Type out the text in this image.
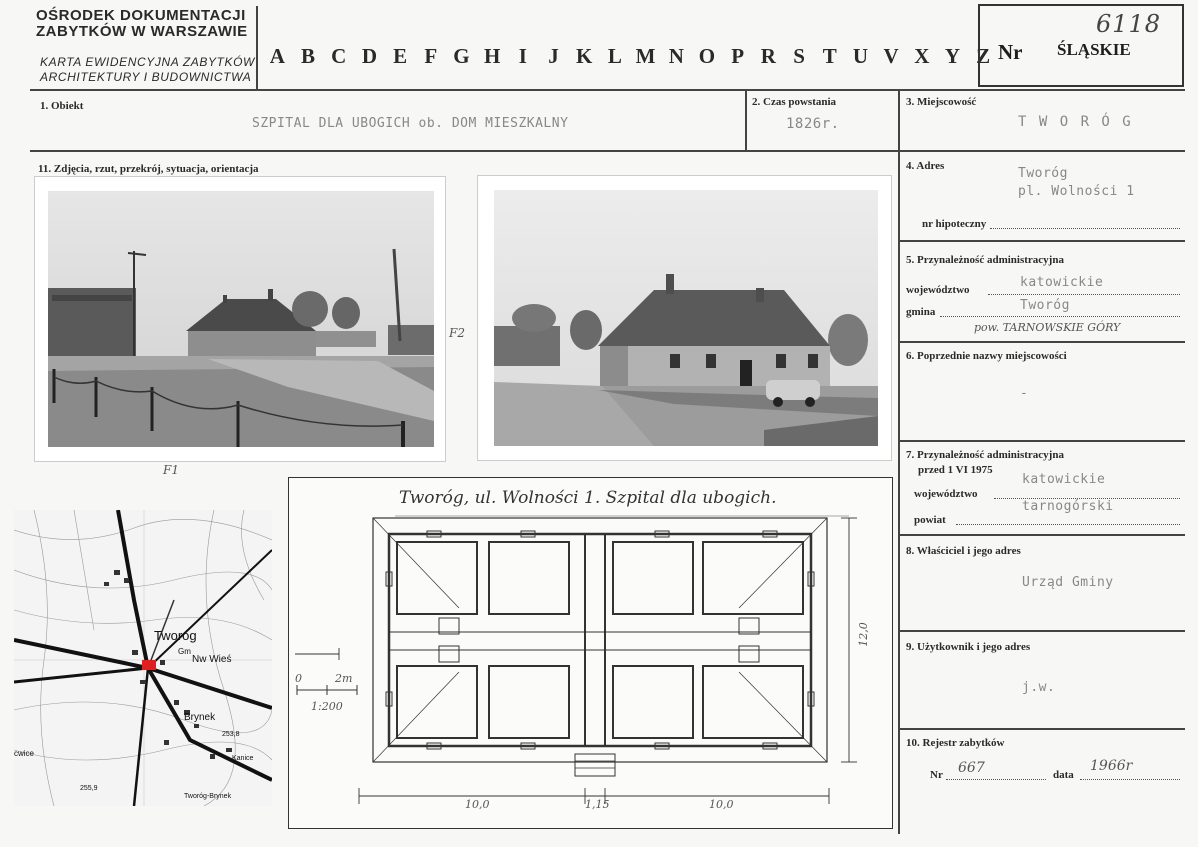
OŚRODEK DOKUMENTACJI
ZABYTKÓW W WARSZAWIE
KARTA EWIDENCYJNA ZABYTKÓW
ARCHITEKTURY I BUDOWNICTWA
A B C D E F G H I	J K L M N O P R S T U V X Y Z Nr ŚLĄSKIE
6118
1. Obiekt
SZPITAL DLA UBOGICH ob. DOM MIESZKALNY
2. Czas powstania
1826r.
3. Miejscowość
T W O R Ó G
11. Zdjęcia, rzut, przekrój, sytuacja, orientacja	4. Adres	Tworóg
pl. Wolności 1
nr hipoteczny
5. Przynależność administracyjna
województwo	katowickie
gmina	Tworóg
pow. TARNOWSKIE GÓRY
6. Poprzednie nazwy miejscowości
-
7. Przynależność administracyjna
przed 1 VI 1975
województwo
katowickie
powiat
tarnogórski
8. Właściciel i jego adres
Urząd Gminy
9. Użytkownik i jego adres
j.w.
10. Rejestr zabytków
Nr 667	data
1966r
F1
F2
Tworóg
Gm
Nw Wieś
Brynek
Kanice
Tworóg-Brynek
255,9
253,8
cwice
Tworóg, ul. Wolności 1. Szpital dla ubogich.
0	2m
1:200
10,0	1,15	10,0
12,0
